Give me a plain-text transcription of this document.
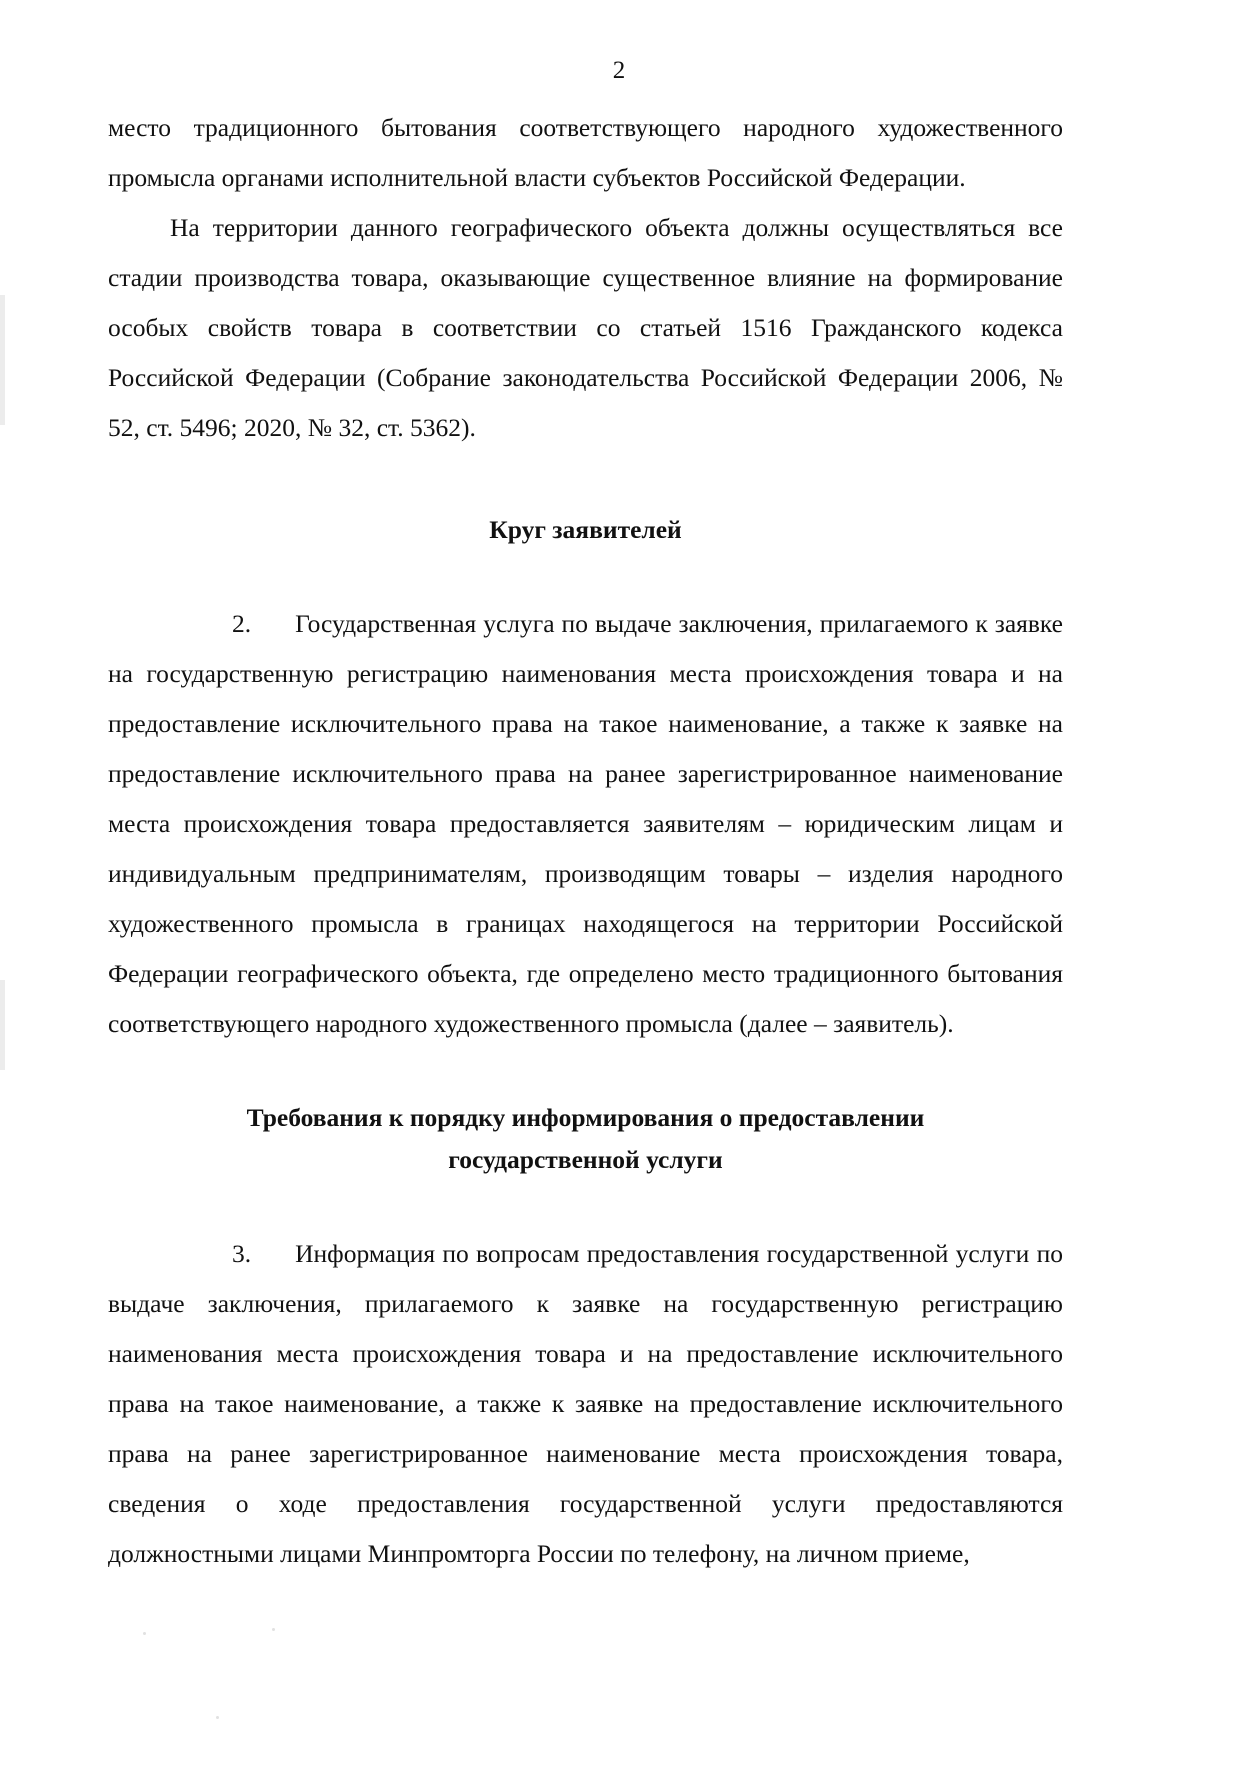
2

место традиционного бытования соответствующего народного художественного промысла органами исполнительной власти субъектов Российской Федерации.

На территории данного географического объекта должны осуществляться все стадии производства товара, оказывающие существенное влияние на формирование особых свойств товара в соответствии со статьей 1516 Гражданского кодекса Российской Федерации (Собрание законодательства Российской Федерации 2006, № 52, ст. 5496; 2020, № 32, ст. 5362).

Круг заявителей

2. Государственная услуга по выдаче заключения, прилагаемого к заявке на государственную регистрацию наименования места происхождения товара и на предоставление исключительного права на такое наименование, а также к заявке на предоставление исключительного права на ранее зарегистрированное наименование места происхождения товара предоставляется заявителям – юридическим лицам и индивидуальным предпринимателям, производящим товары – изделия народного художественного промысла в границах находящегося на территории Российской Федерации географического объекта, где определено место традиционного бытования соответствующего народного художественного промысла (далее – заявитель).

Требования к порядку информирования о предоставлении
государственной услуги

3. Информация по вопросам предоставления государственной услуги по выдаче заключения, прилагаемого к заявке на государственную регистрацию наименования места происхождения товара и на предоставление исключительного права на такое наименование, а также к заявке на предоставление исключительного права на ранее зарегистрированное наименование места происхождения товара, сведения о ходе предоставления государственной услуги предоставляются должностными лицами Минпромторга России по телефону, на личном приеме,
